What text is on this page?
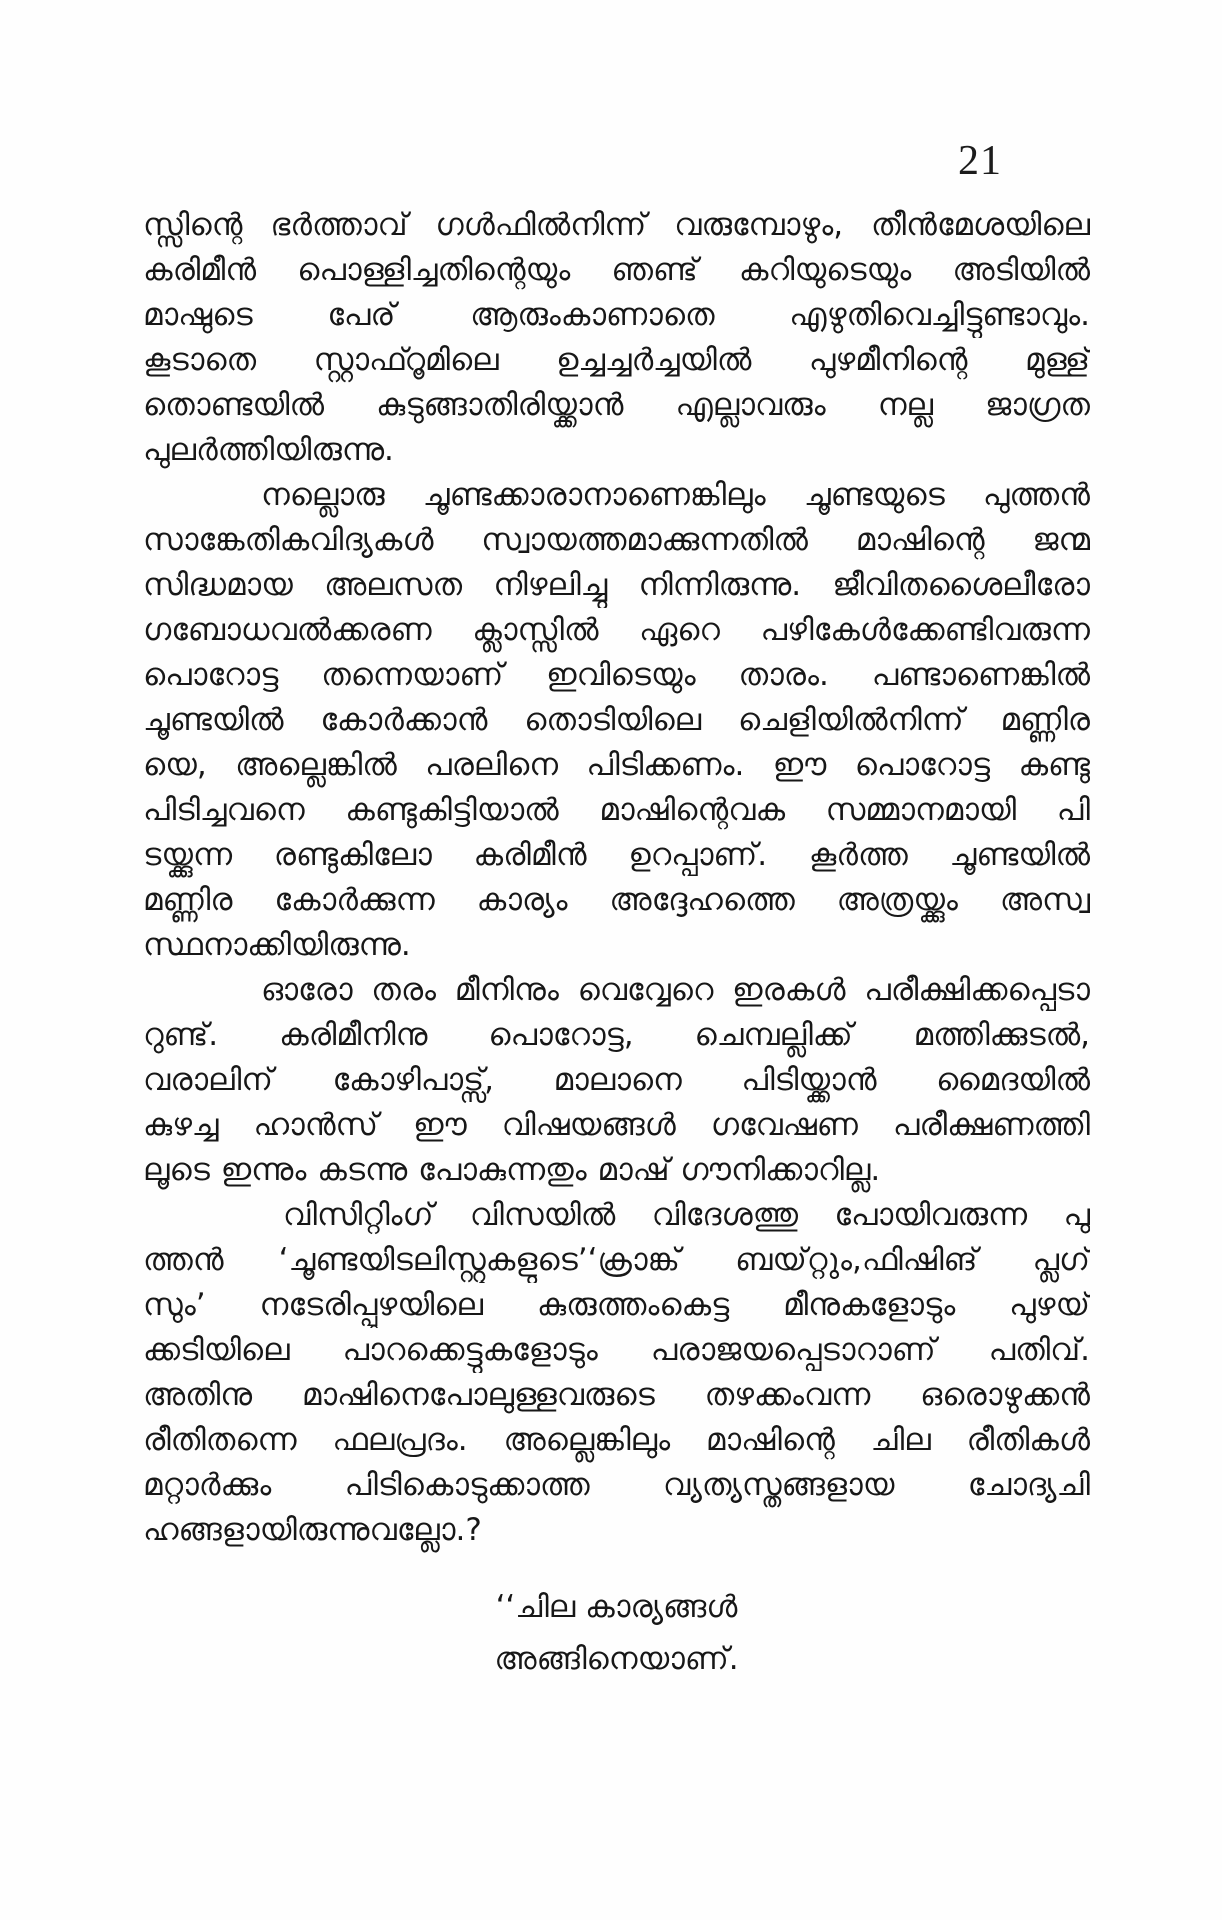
21
സ്സിന്റെ ഭർത്താവ് ഗൾഫിൽനിന്ന് വരുമ്പോഴും, തീൻമേശയിലെ
കരിമീൻ പൊള്ളിച്ചതിന്റെയും ഞണ്ട് കറിയുടെയും അടിയിൽ
മാഷുടെ പേര് ആരുംകാണാതെ എഴുതിവെച്ചിട്ടുണ്ടാവും.
കൂടാതെ സ്റ്റാഫ്റൂമിലെ ഉച്ചച്ചർച്ചയിൽ പുഴമീനിന്റെ മുള്ള്
തൊണ്ടയിൽ കുടുങ്ങാതിരിയ്ക്കാൻ എല്ലാവരും നല്ല ജാഗ്രത
പുലർത്തിയിരുന്നു.
നല്ലൊരു ചൂണ്ടക്കാരാനാണെങ്കിലും ചൂണ്ടയുടെ പുത്തൻ
സാങ്കേതികവിദ്യകൾ സ്വായത്തമാക്കുന്നതിൽ മാഷിന്റെ ജന്മ
സിദ്ധമായ അലസത നിഴലിച്ചു നിന്നിരുന്നു. ജീവിതശൈലീരോ
ഗബോധവൽക്കരണ ക്ലാസ്സിൽ ഏറെ പഴികേൾക്കേണ്ടിവരുന്ന
പൊറോട്ട തന്നെയാണ് ഇവിടെയും താരം. പണ്ടാണെങ്കിൽ
ചൂണ്ടയിൽ കോർക്കാൻ തൊടിയിലെ ചെളിയിൽനിന്ന് മണ്ണിര
യെ, അല്ലെങ്കിൽ പരലിനെ പിടിക്കണം. ഈ പൊറോട്ട കണ്ടു
പിടിച്ചവനെ കണ്ടുകിട്ടിയാൽ മാഷിന്റെവക സമ്മാനമായി പി
ടയ്ക്കുന്ന രണ്ടുകിലോ കരിമീൻ ഉറപ്പാണ്. കൂർത്ത ചൂണ്ടയിൽ
മണ്ണിര കോർക്കുന്ന കാര്യം അദ്ദേഹത്തെ അത്രയ്ക്കും അസ്വ
സ്ഥനാക്കിയിരുന്നു.
ഓരോ തരം മീനിനും വെവ്വേറെ ഇരകൾ പരീക്ഷിക്കപ്പെടാ
റുണ്ട്. കരിമീനിനു പൊറോട്ട, ചെമ്പല്ലിക്ക് മത്തിക്കുടൽ,
വരാലിന് കോഴിപാട്സ്, മാലാനെ പിടിയ്ക്കാൻ മൈദയിൽ
കുഴച്ച ഹാൻസ് ഈ വിഷയങ്ങൾ ഗവേഷണ പരീക്ഷണത്തി
ലൂടെ ഇന്നും കടന്നു പോകുന്നതും മാഷ് ഗൗനിക്കാറില്ല.
വിസിറ്റിംഗ് വിസയിൽ വിദേശത്തു പോയിവരുന്ന പു
ത്തൻ ‘ചൂണ്ടയിടലിസ്റ്റുകളുടെ’‘ക്രാങ്ക് ബയ്റ്റും,ഫിഷിങ് പ്ലഗ്
സും’ നടേരിപ്പുഴയിലെ കുരുത്തംകെട്ട മീനുകളോടും പുഴയ്
ക്കടിയിലെ പാറക്കെട്ടുകളോടും പരാജയപ്പെടാറാണ് പതിവ്.
അതിനു മാഷിനെപോലുള്ളവരുടെ തഴക്കംവന്ന ഒരൊഴുക്കൻ
രീതിതന്നെ ഫലപ്രദം. അല്ലെങ്കിലും മാഷിന്റെ ചില രീതികൾ
മറ്റാർക്കും പിടികൊടുക്കാത്ത വ്യത്യസ്തങ്ങളായ ചോദ്യചി
ഹങ്ങളായിരുന്നുവല്ലോ.?
‘‘ചില കാര്യങ്ങൾ
അങ്ങിനെയാണ്.
